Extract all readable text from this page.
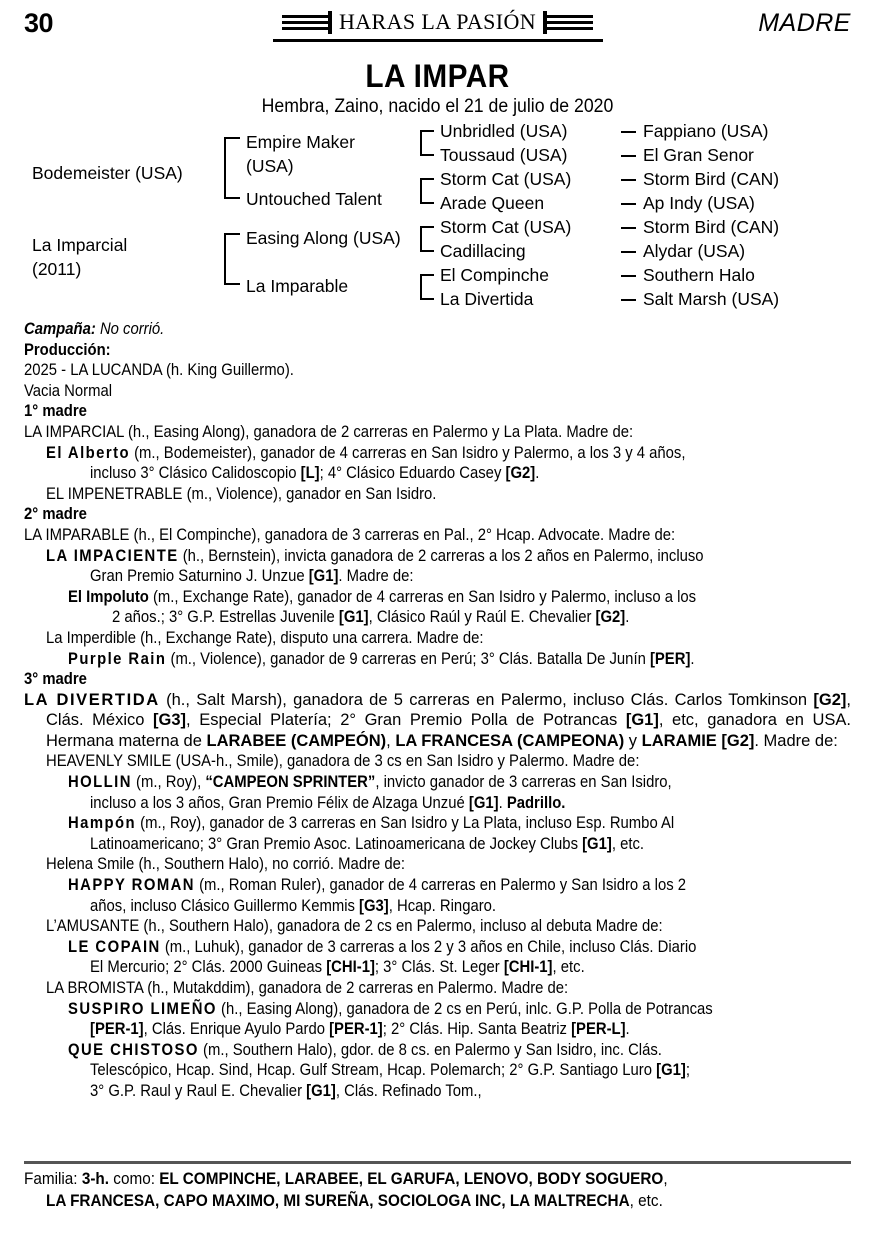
30	HARAS LA PASIÓN	MADRE
LA IMPAR
Hembra, Zaino, nacido el 21 de julio de 2020
Bodemeister (USA)
La Imparcial
(2011)
Empire Maker
(USA)
Untouched Talent
Easing Along (USA)
La Imparable
Unbridled (USA)
Toussaud (USA)
Storm Cat (USA)
Arade Queen
Storm Cat (USA)
Cadillacing
El Compinche
La Divertida
Fappiano (USA)
El Gran Senor
Storm Bird (CAN)
Ap Indy (USA)
Storm Bird (CAN)
Alydar (USA)
Southern Halo
Salt Marsh (USA)

Campaña: No corrió.

Producción:

2025 - LA LUCANDA (h. King Guillermo).

Vacia Normal

1° madre

LA IMPARCIAL (h., Easing Along), ganadora de 2 carreras en Palermo y La Plata. Madre de:

El Alberto (m., Bodemeister), ganador de 4 carreras en San Isidro y Palermo, a los 3 y 4 años,

incluso 3° Clásico Calidoscopio [L]; 4° Clásico Eduardo Casey [G2].

EL IMPENETRABLE (m., Violence), ganador en San Isidro.

2° madre

LA IMPARABLE (h., El Compinche), ganadora de 3 carreras en Pal., 2° Hcap. Advocate. Madre de:

LA IMPACIENTE (h., Bernstein), invicta ganadora de 2 carreras a los 2 años en Palermo, incluso

Gran Premio Saturnino J. Unzue [G1]. Madre de:

El Impoluto (m., Exchange Rate), ganador de 4 carreras en San Isidro y Palermo, incluso a los

2 años.; 3° G.P. Estrellas Juvenile [G1], Clásico Raúl y Raúl E. Chevalier [G2].

La Imperdible (h., Exchange Rate), disputo una carrera. Madre de:

Purple Rain (m., Violence), ganador de 9 carreras en Perú; 3° Clás. Batalla De Junín [PER].

3° madre

LA DIVERTIDA (h., Salt Marsh), ganadora de 5 carreras en Palermo, incluso Clás. Carlos Tomkinson [G2], Clás. México [G3], Especial Platería; 2° Gran Premio Polla de Potrancas [G1], etc, ganadora en USA. Hermana materna de LARABEE (CAMPEÓN), LA FRANCESA (CAMPEONA) y LARAMIE [G2]. Madre de:

HEAVENLY SMILE (USA-h., Smile), ganadora de 3 cs en San Isidro y Palermo. Madre de:

HOLLIN (m., Roy), “CAMPEON SPRINTER”, invicto ganador de 3 carreras en San Isidro,

incluso a los 3 años, Gran Premio Félix de Alzaga Unzué [G1]. Padrillo.

Hampón (m., Roy), ganador de 3 carreras en San Isidro y La Plata, incluso Esp. Rumbo Al

Latinoamericano; 3° Gran Premio Asoc. Latinoamericana de Jockey Clubs [G1], etc.

Helena Smile (h., Southern Halo), no corrió. Madre de:

HAPPY ROMAN (m., Roman Ruler), ganador de 4 carreras en Palermo y San Isidro a los 2

años, incluso Clásico Guillermo Kemmis [G3], Hcap. Ringaro.

L’AMUSANTE (h., Southern Halo), ganadora de 2 cs en Palermo, incluso al debuta Madre de:

LE COPAIN (m., Luhuk), ganador de 3 carreras a los 2 y 3 años en Chile, incluso Clás. Diario

El Mercurio; 2° Clás. 2000 Guineas [CHI-1]; 3° Clás. St. Leger [CHI-1], etc.

LA BROMISTA (h., Mutakddim), ganadora de 2 carreras en Palermo. Madre de:

SUSPIRO LIMEÑO (h., Easing Along), ganadora de 2 cs en Perú, inlc. G.P. Polla de Potrancas

[PER-1], Clás. Enrique Ayulo Pardo [PER-1]; 2° Clás. Hip. Santa Beatriz [PER-L].

QUE CHISTOSO (m., Southern Halo), gdor. de 8 cs. en Palermo y San Isidro, inc. Clás.

Telescópico, Hcap. Sind, Hcap. Gulf Stream, Hcap. Polemarch; 2° G.P. Santiago Luro [G1];

3° G.P. Raul y Raul E. Chevalier [G1], Clás. Refinado Tom.,

Familia: 3-h. como: EL COMPINCHE, LARABEE, EL GARUFA, LENOVO, BODY SOGUERO,
LA FRANCESA, CAPO MAXIMO, MI SUREÑA, SOCIOLOGA INC, LA MALTRECHA, etc.
